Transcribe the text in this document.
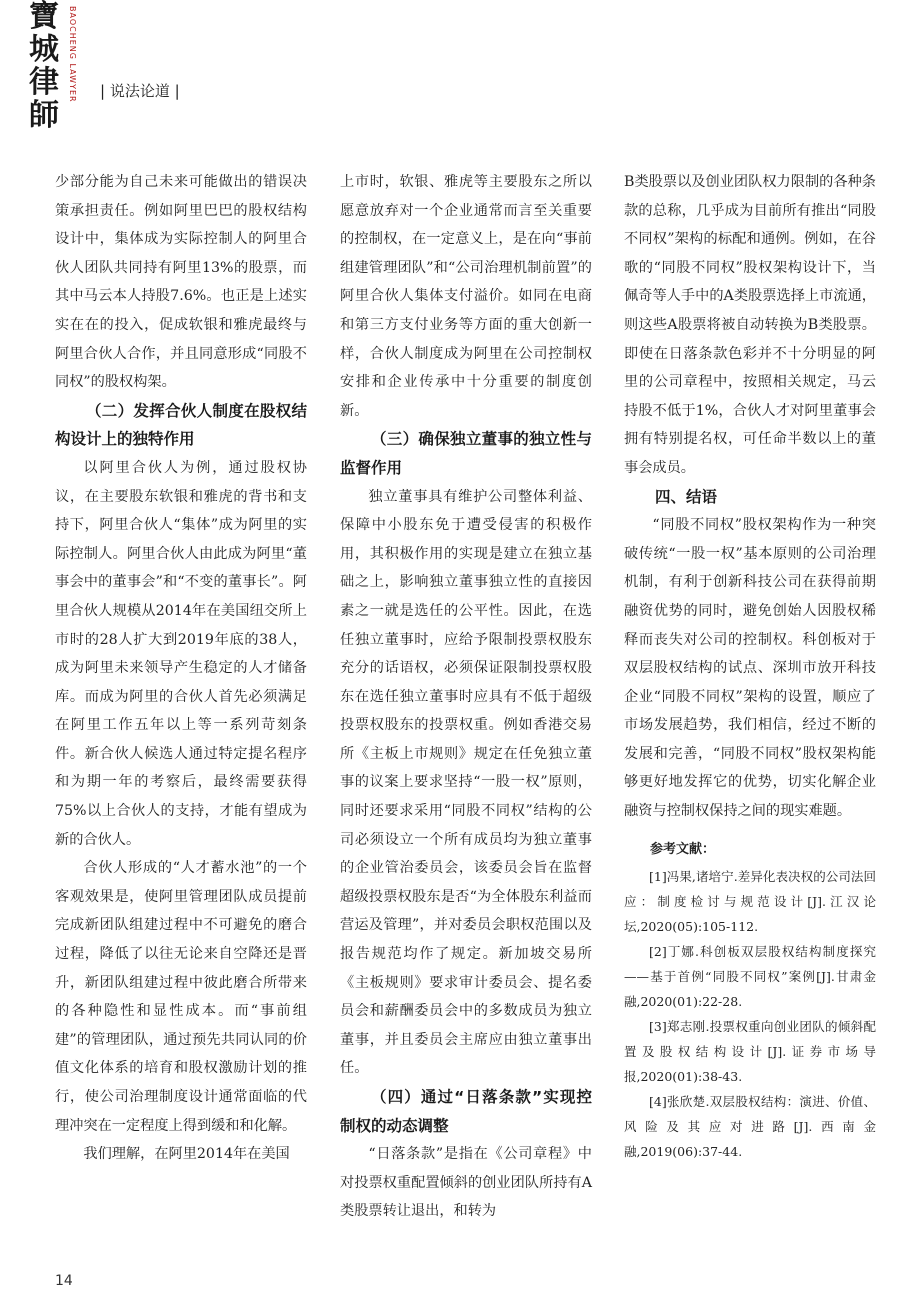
寶
城
律
師
BAOCHENG LAWYER | 说法论道 |

少部分能为自己未来可能做出的错误决策承担责任。例如阿里巴巴的股权结构设计中，集体成为实际控制人的阿里合伙人团队共同持有阿里13%的股票，而其中马云本人持股7.6%。也正是上述实实在在的投入，促成软银和雅虎最终与阿里合伙人合作，并且同意形成“同股不同权”的股权构架。

（二）发挥合伙人制度在股权结构设计上的独特作用

以阿里合伙人为例，通过股权协议，在主要股东软银和雅虎的背书和支持下，阿里合伙人“集体”成为阿里的实际控制人。阿里合伙人由此成为阿里“董事会中的董事会”和“不变的董事长”。阿里合伙人规模从2014年在美国纽交所上市时的28人扩大到2019年底的38人，成为阿里未来领导产生稳定的人才储备库。而成为阿里的合伙人首先必须满足在阿里工作五年以上等一系列苛刻条件。新合伙人候选人通过特定提名程序和为期一年的考察后，最终需要获得75%以上合伙人的支持，才能有望成为新的合伙人。

合伙人形成的“人才蓄水池”的一个客观效果是，使阿里管理团队成员提前完成新团队组建过程中不可避免的磨合过程，降低了以往无论来自空降还是晋升，新团队组建过程中彼此磨合所带来的各种隐性和显性成本。而“事前组建”的管理团队，通过预先共同认同的价值文化体系的培育和股权激励计划的推行，使公司治理制度设计通常面临的代理冲突在一定程度上得到缓和和化解。

我们理解，在阿里2014年在美国

上市时，软银、雅虎等主要股东之所以愿意放弃对一个企业通常而言至关重要的控制权，在一定意义上，是在向“事前组建管理团队”和“公司治理机制前置”的阿里合伙人集体支付溢价。如同在电商和第三方支付业务等方面的重大创新一样，合伙人制度成为阿里在公司控制权安排和企业传承中十分重要的制度创新。

（三）确保独立董事的独立性与监督作用

独立董事具有维护公司整体利益、保障中小股东免于遭受侵害的积极作用，其积极作用的实现是建立在独立基础之上，影响独立董事独立性的直接因素之一就是选任的公平性。因此，在选任独立董事时，应给予限制投票权股东充分的话语权，必须保证限制投票权股东在选任独立董事时应具有不低于超级投票权股东的投票权重。例如香港交易所《主板上市规则》规定在任免独立董事的议案上要求坚持“一股一权”原则，同时还要求采用“同股不同权”结构的公司必须设立一个所有成员均为独立董事的企业管治委员会，该委员会旨在监督超级投票权股东是否“为全体股东利益而营运及管理”，并对委员会职权范围以及报告规范均作了规定。新加坡交易所《主板规则》要求审计委员会、提名委员会和薪酬委员会中的多数成员为独立董事，并且委员会主席应由独立董事出任。

（四）通过“日落条款”实现控制权的动态调整

“日落条款”是指在《公司章程》中对投票权重配置倾斜的创业团队所持有A类股票转让退出，和转为

B类股票以及创业团队权力限制的各种条款的总称，几乎成为目前所有推出“同股不同权”架构的标配和通例。例如，在谷歌的“同股不同权”股权架构设计下，当佩奇等人手中的A类股票选择上市流通，则这些A股票将被自动转换为B类股票。即使在日落条款色彩并不十分明显的阿里的公司章程中，按照相关规定，马云持股不低于1%，合伙人才对阿里董事会拥有特别提名权，可任命半数以上的董事会成员。

四、结语

“同股不同权”股权架构作为一种突破传统“一股一权”基本原则的公司治理机制，有利于创新科技公司在获得前期融资优势的同时，避免创始人因股权稀释而丧失对公司的控制权。科创板对于双层股权结构的试点、深圳市放开科技企业“同股不同权”架构的设置，顺应了市场发展趋势，我们相信，经过不断的发展和完善，“同股不同权”股权架构能够更好地发挥它的优势，切实化解企业融资与控制权保持之间的现实难题。

参考文献：

[1]冯果,诸培宁.差异化表决权的公司法回应：制度检讨与规范设计[J].江汉论坛,2020(05):105-112.

[2]丁娜.科创板双层股权结构制度探究——基于首例“同股不同权”案例[J].甘肃金融,2020(01):22-28.

[3]郑志刚.投票权重向创业团队的倾斜配置及股权结构设计[J].证券市场导报,2020(01):38-43.

[4]张欣楚.双层股权结构：演进、价值、风险及其应对进路[J].西南金融,2019(06):37-44.

14
